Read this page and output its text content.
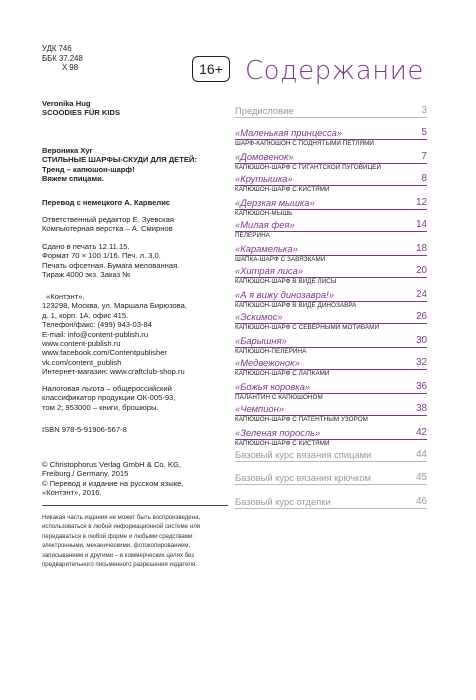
УДК 746
ББК 37.248
Х 98	16+

Veronika Hug

SCOODIES FÜR KIDS

Вероника Хуг

СТИЛЬНЫЕ ШАРФЫ-СКУДИ ДЛЯ ДЕТЕЙ:

Тренд – капюшон-шарф!

Вяжем спицами.

Перевод с немецкого А. Карвелис

Ответственный редактор Е. Зуевская

Компьютерная верстка – А. Смирнов

Сдано в печать 12.11.15.

Формат 70 × 100 1/16. Печ. л. 3,0.

Печать офсетная. Бумага мелованная.

Тираж 4000 экз. Заказ №

«Контэнт».

123298, Москва, ул. Маршала Бирюзова,

д. 1, корп. 1А, офис 415.

Телефон/факс: (499) 943-03-84

E-mail: info@content-publish.ru

www.content-publish.ru

www.facebook.com/Contentpublisher

vk.com/content_publish

Интернет-магазин: www.craftclub-shop.ru

Налоговая льгота – общероссийский

классификатор продукции ОК-005-93,

том 2; 953000 – книги, брошюры.

ISBN 978-5-91906-567-8

© Christophorus Verlag GmbH & Co. KG,

Freiburg / Germany, 2015

© Перевод и издание на русском языке,

«Контэнт», 2016.

Никакая часть издания не может быть воспроизведена,
использоваться в любой информационной системе или
передаваться в любой форме и любыми средствами:
электронными, механическими, фотокопированием,
записыванием и другими – в коммерческих целях без
предварительного письменного разрешения издателя.
Содержание
Предисловие	3
«Маленькая принцесса»	5
ШАРФ-КАПЮШОН С ПОДНЯТЫМИ ПЕТЛЯМИ
«Домовенок»	7
КАПЮШОН-ШАРФ С ГИГАНТСКОЙ ПУГОВИЦЕЙ
«Крутышка»	8
КАПЮШОН-ШАРФ С КИСТЯМИ
«Дерзкая мышка»	12
КАПЮШОН-МЫШЬ
«Милая фея»	14
ПЕЛЕРИНА
«Карамелька»	18
ШАПКА-ШАРФ С ЗАВЯЗКАМИ
«Хитрая лиса»	20
КАПЮШОН-ШАРФ В ВИДЕ ЛИСЫ
«А я вижу динозавра!»	24
КАПЮШОН-ШАРФ В ВИДЕ ДИНОЗАВРА
«Эскимос»	26
КАПЮШОН-ШАРФ С СЕВЕРНЫМИ МОТИВАМИ
«Барышня»	30
КАПЮШОН-ПЕЛЕРИНА
«Медвежонок»	32
КАПЮШОН-ШАРФ С ЛАПКАМИ
«Божья коровка»	36
ПАЛАНТИН С КАПЮШОНОМ
«Чемпион»	38
КАПЮШОН-ШАРФ С ПАТЕНТНЫМ УЗОРОМ
«Зеленая поросль»	42
КАПЮШОН-ШАРФ С КИСТЯМИ
Базовый курс вязания спицами	44
Базовый курс вязания крючком	45
Базовый курс отделки	46
